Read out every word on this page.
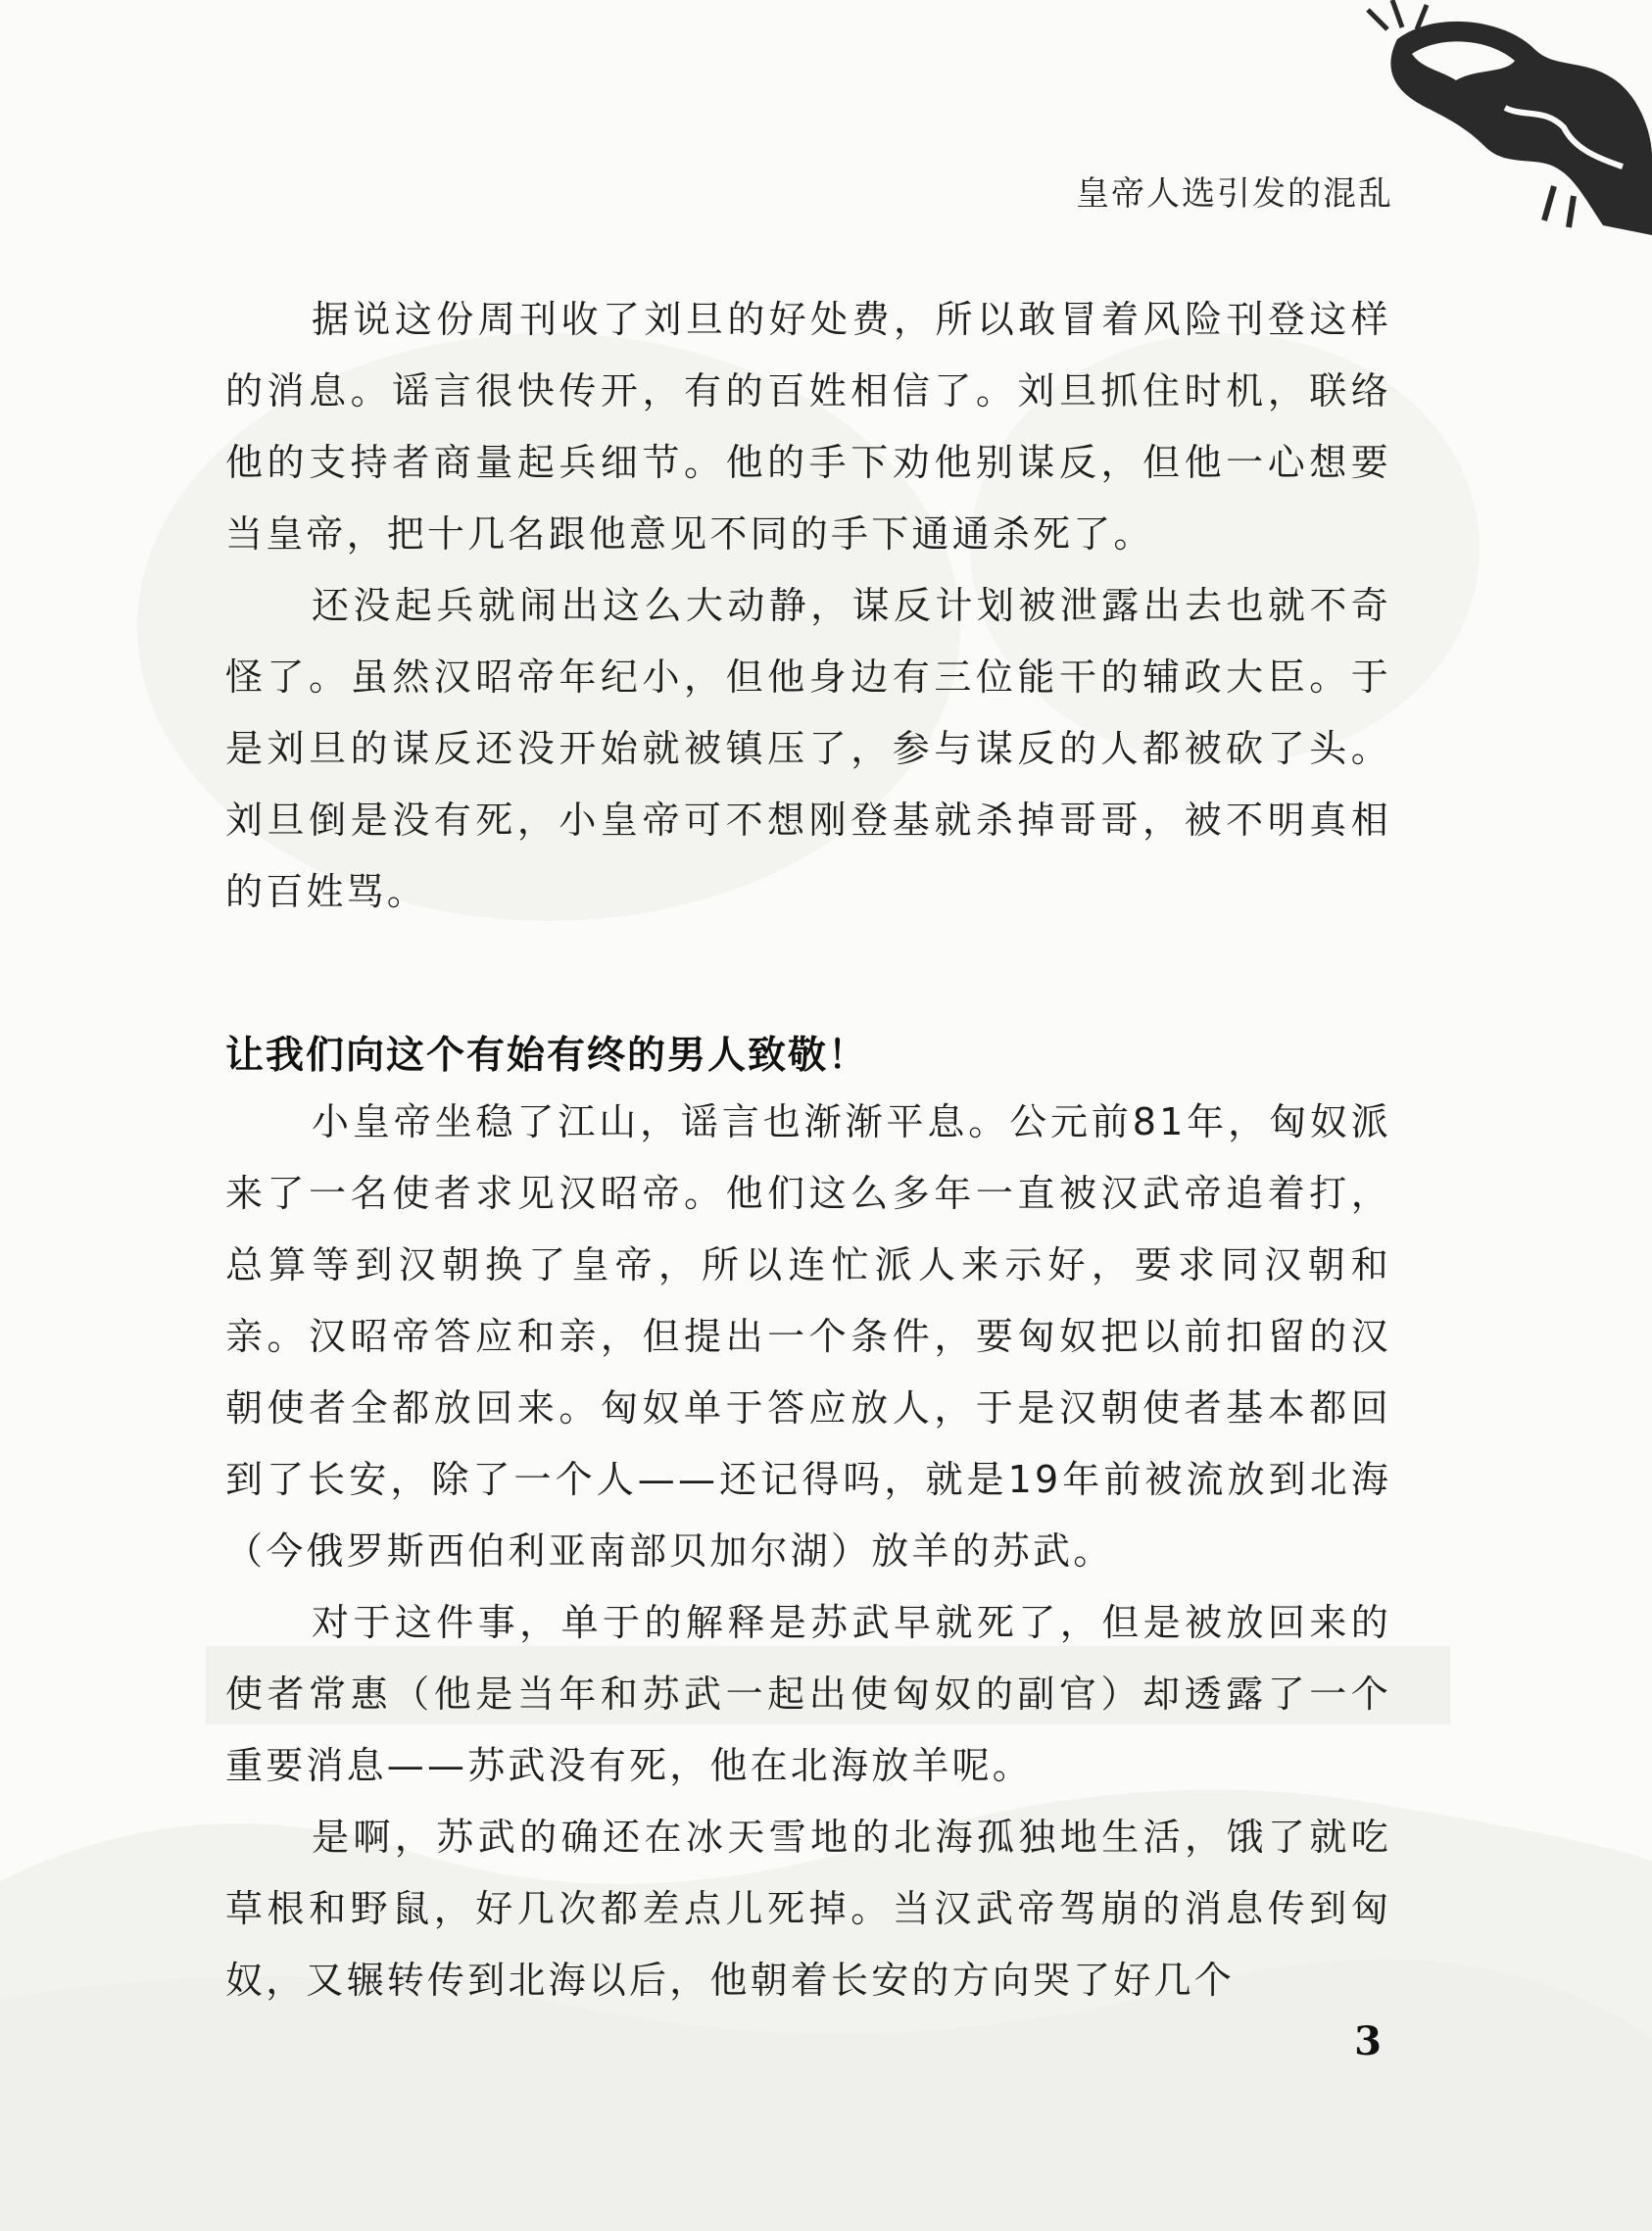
皇帝人选引发的混乱

据说这份周刊收了刘旦的好处费，所以敢冒着风险刊登这样的消息。谣言很快传开，有的百姓相信了。刘旦抓住时机，联络他的支持者商量起兵细节。他的手下劝他别谋反，但他一心想要当皇帝，把十几名跟他意见不同的手下通通杀死了。

还没起兵就闹出这么大动静，谋反计划被泄露出去也就不奇怪了。虽然汉昭帝年纪小，但他身边有三位能干的辅政大臣。于是刘旦的谋反还没开始就被镇压了，参与谋反的人都被砍了头。刘旦倒是没有死，小皇帝可不想刚登基就杀掉哥哥，被不明真相的百姓骂。

让我们向这个有始有终的男人致敬！

小皇帝坐稳了江山，谣言也渐渐平息。公元前81年，匈奴派来了一名使者求见汉昭帝。他们这么多年一直被汉武帝追着打，总算等到汉朝换了皇帝，所以连忙派人来示好，要求同汉朝和亲。汉昭帝答应和亲，但提出一个条件，要匈奴把以前扣留的汉朝使者全都放回来。匈奴单于答应放人，于是汉朝使者基本都回到了长安，除了一个人——还记得吗，就是19年前被流放到北海（今俄罗斯西伯利亚南部贝加尔湖）放羊的苏武。

对于这件事，单于的解释是苏武早就死了，但是被放回来的使者常惠（他是当年和苏武一起出使匈奴的副官）却透露了一个重要消息——苏武没有死，他在北海放羊呢。

是啊，苏武的确还在冰天雪地的北海孤独地生活，饿了就吃草根和野鼠，好几次都差点儿死掉。当汉武帝驾崩的消息传到匈奴，又辗转传到北海以后，他朝着长安的方向哭了好几个

3
